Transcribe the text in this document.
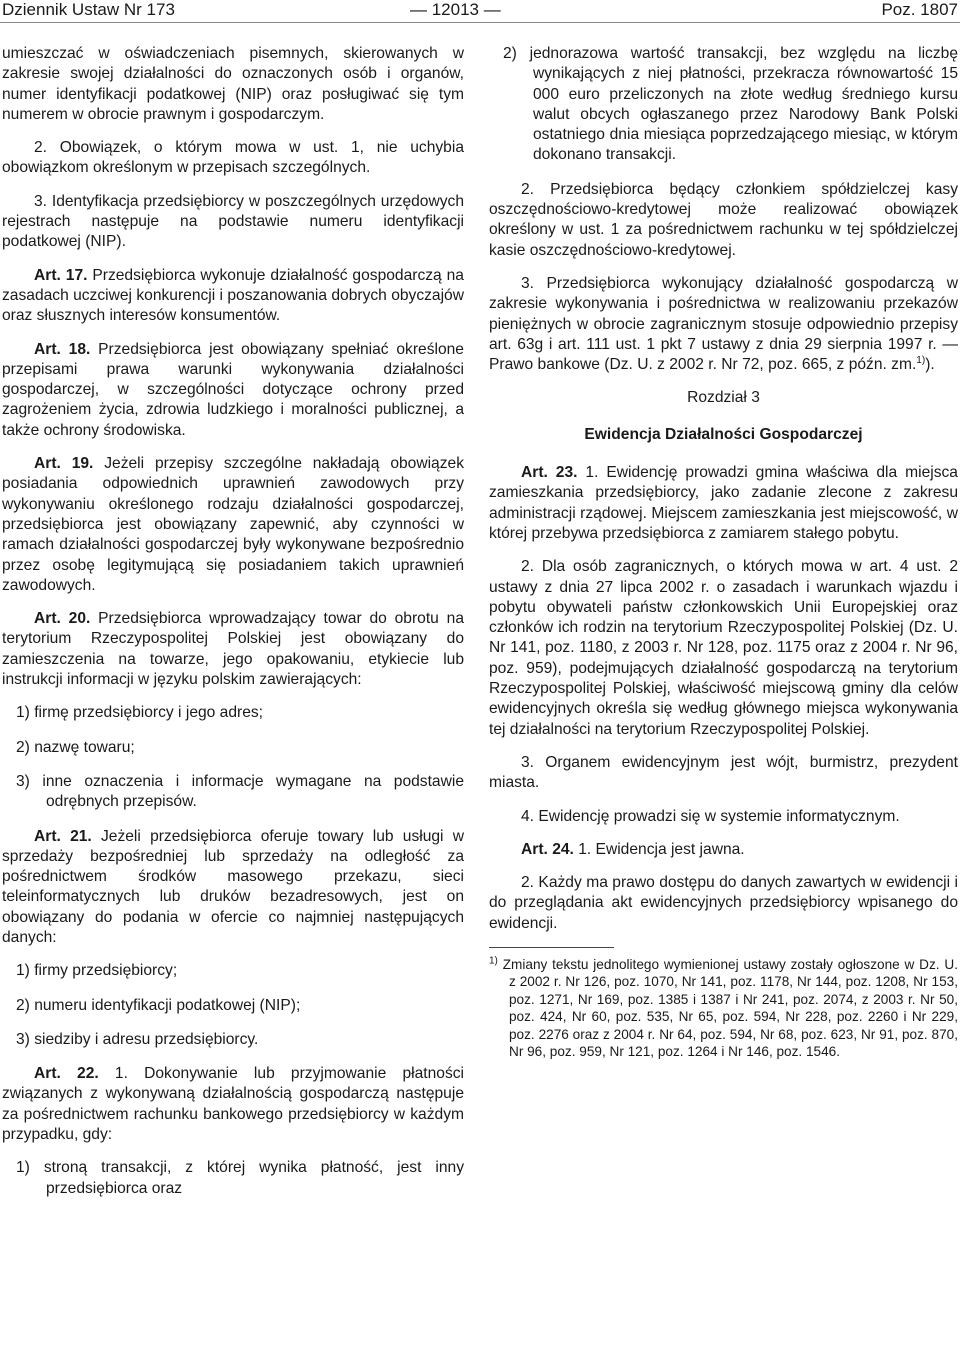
Dziennik Ustaw Nr 173	— 12013 —	Poz. 1807

umieszczać w oświadczeniach pisemnych, skierowanych w zakresie swojej działalności do oznaczonych osób i organów, numer identyfikacji podatkowej (NIP) oraz posługiwać się tym numerem w obrocie prawnym i gospodarczym.

2. Obowiązek, o którym mowa w ust. 1, nie uchybia obowiązkom określonym w przepisach szczególnych.

3. Identyfikacja przedsiębiorcy w poszczególnych urzędowych rejestrach następuje na podstawie numeru identyfikacji podatkowej (NIP).

Art. 17. Przedsiębiorca wykonuje działalność gospodarczą na zasadach uczciwej konkurencji i poszanowania dobrych obyczajów oraz słusznych interesów konsumentów.

Art. 18. Przedsiębiorca jest obowiązany spełniać określone przepisami prawa warunki wykonywania działalności gospodarczej, w szczególności dotyczące ochrony przed zagrożeniem życia, zdrowia ludzkiego i moralności publicznej, a także ochrony środowiska.

Art. 19. Jeżeli przepisy szczególne nakładają obowiązek posiadania odpowiednich uprawnień zawodowych przy wykonywaniu określonego rodzaju działalności gospodarczej, przedsiębiorca jest obowiązany zapewnić, aby czynności w ramach działalności gospodarczej były wykonywane bezpośrednio przez osobę legitymującą się posiadaniem takich uprawnień zawodowych.

Art. 20. Przedsiębiorca wprowadzający towar do obrotu na terytorium Rzeczypospolitej Polskiej jest obowiązany do zamieszczenia na towarze, jego opakowaniu, etykiecie lub instrukcji informacji w języku polskim zawierających:

1) firmę przedsiębiorcy i jego adres;

2) nazwę towaru;

3) inne oznaczenia i informacje wymagane na podstawie odrębnych przepisów.

Art. 21. Jeżeli przedsiębiorca oferuje towary lub usługi w sprzedaży bezpośredniej lub sprzedaży na odległość za pośrednictwem środków masowego przekazu, sieci teleinformatycznych lub druków bezadresowych, jest on obowiązany do podania w ofercie co najmniej następujących danych:

1) firmy przedsiębiorcy;

2) numeru identyfikacji podatkowej (NIP);

3) siedziby i adresu przedsiębiorcy.

Art. 22. 1. Dokonywanie lub przyjmowanie płatności związanych z wykonywaną działalnością gospodarczą następuje za pośrednictwem rachunku bankowego przedsiębiorcy w każdym przypadku, gdy:

1) stroną transakcji, z której wynika płatność, jest inny przedsiębiorca oraz

2) jednorazowa wartość transakcji, bez względu na liczbę wynikających z niej płatności, przekracza równowartość 15 000 euro przeliczonych na złote według średniego kursu walut obcych ogłaszanego przez Narodowy Bank Polski ostatniego dnia miesiąca poprzedzającego miesiąc, w którym dokonano transakcji.

2. Przedsiębiorca będący członkiem spółdzielczej kasy oszczędnościowo-kredytowej może realizować obowiązek określony w ust. 1 za pośrednictwem rachunku w tej spółdzielczej kasie oszczędnościowo-kredytowej.

3. Przedsiębiorca wykonujący działalność gospodarczą w zakresie wykonywania i pośrednictwa w realizowaniu przekazów pieniężnych w obrocie zagranicznym stosuje odpowiednio przepisy art. 63g i art. 111 ust. 1 pkt 7 ustawy z dnia 29 sierpnia 1997 r. — Prawo bankowe (Dz. U. z 2002 r. Nr 72, poz. 665, z późn. zm.$^{1)}$).

Rozdział 3

Ewidencja Działalności Gospodarczej

Art. 23. 1. Ewidencję prowadzi gmina właściwa dla miejsca zamieszkania przedsiębiorcy, jako zadanie zlecone z zakresu administracji rządowej. Miejscem zamieszkania jest miejscowość, w której przebywa przedsiębiorca z zamiarem stałego pobytu.

2. Dla osób zagranicznych, o których mowa w art. 4 ust. 2 ustawy z dnia 27 lipca 2002 r. o zasadach i warunkach wjazdu i pobytu obywateli państw członkowskich Unii Europejskiej oraz członków ich rodzin na terytorium Rzeczypospolitej Polskiej (Dz. U. Nr 141, poz. 1180, z 2003 r. Nr 128, poz. 1175 oraz z 2004 r. Nr 96, poz. 959), podejmujących działalność gospodarczą na terytorium Rzeczypospolitej Polskiej, właściwość miejscową gminy dla celów ewidencyjnych określa się według głównego miejsca wykonywania tej działalności na terytorium Rzeczypospolitej Polskiej.

3. Organem ewidencyjnym jest wójt, burmistrz, prezydent miasta.

4. Ewidencję prowadzi się w systemie informatycznym.

Art. 24. 1. Ewidencja jest jawna.

2. Każdy ma prawo dostępu do danych zawartych w ewidencji i do przeglądania akt ewidencyjnych przedsiębiorcy wpisanego do ewidencji.

$^{1)}$ Zmiany tekstu jednolitego wymienionej ustawy zostały ogłoszone w Dz. U. z 2002 r. Nr 126, poz. 1070, Nr 141, poz. 1178, Nr 144, poz. 1208, Nr 153, poz. 1271, Nr 169, poz. 1385 i 1387 i Nr 241, poz. 2074, z 2003 r. Nr 50, poz. 424, Nr 60, poz. 535, Nr 65, poz. 594, Nr 228, poz. 2260 i Nr 229, poz. 2276 oraz z 2004 r. Nr 64, poz. 594, Nr 68, poz. 623, Nr 91, poz. 870, Nr 96, poz. 959, Nr 121, poz. 1264 i Nr 146, poz. 1546.
